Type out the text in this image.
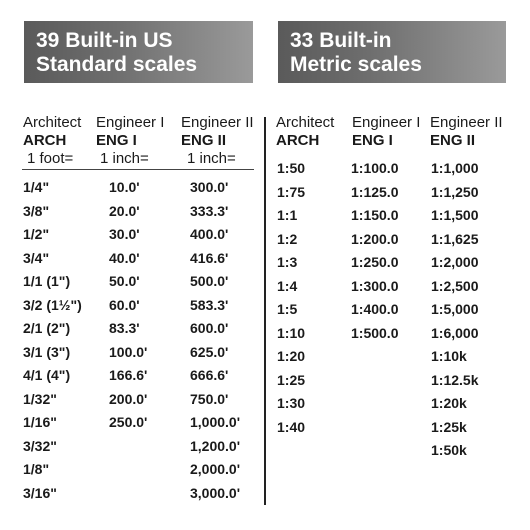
39 Built-in US
Standard scales
33 Built-in
Metric scales
Architect
ARCH
1 foot=
Engineer I
ENG I
1 inch=
Engineer II
ENG II
1 inch=
Architect
ARCH
Engineer I
ENG I
Engineer II
ENG II
1/4"
3/8"
1/2"
3/4"
1/1 (1")
3/2 (1½")
2/1 (2")
3/1 (3")
4/1 (4")
1/32"
1/16"
3/32"
1/8"
3/16"
10.0'
20.0'
30.0'
40.0'
50.0'
60.0'
83.3'
100.0'
166.6'
200.0'
250.0'
300.0'
333.3'
400.0'
416.6'
500.0'
583.3'
600.0'
625.0'
666.6'
750.0'
1,000.0'
1,200.0'
2,000.0'
3,000.0'
1:50
1:75
1:1
1:2
1:3
1:4
1:5
1:10
1:20
1:25
1:30
1:40
1:100.0
1:125.0
1:150.0
1:200.0
1:250.0
1:300.0
1:400.0
1:500.0
1:1,000
1:1,250
1:1,500
1:1,625
1:2,000
1:2,500
1:5,000
1:6,000
1:10k
1:12.5k
1:20k
1:25k
1:50k
